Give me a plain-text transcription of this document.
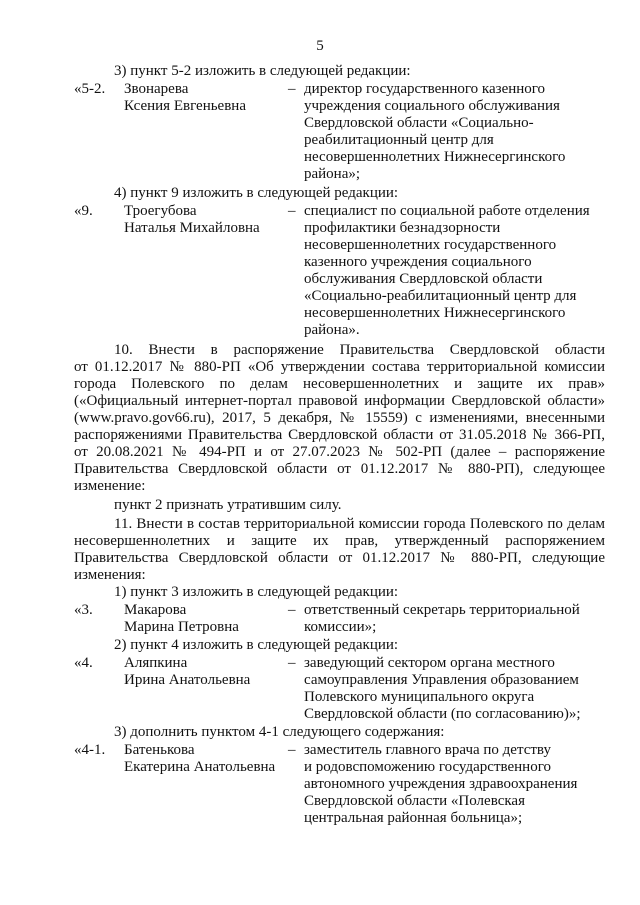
5
3) пункт 5-2 изложить в следующей редакции:
«5-2. Звонарева
Ксения Евгеньевна
– директор государственного казенного
учреждения социального обслуживания
Свердловской области «Социально-
реабилитационный центр для
несовершеннолетних Нижнесергинского
района»;
4) пункт 9 изложить в следующей редакции:
«9. Троегубова
Наталья Михайловна
– специалист по социальной работе отделения
профилактики безнадзорности
несовершеннолетних государственного
казенного учреждения социального
обслуживания Свердловской области
«Социально-реабилитационный центр для
несовершеннолетних Нижнесергинского
района».
10. Внести в распоряжение Правительства Свердловской области
от 01.12.2017 № 880-РП «Об утверждении состава территориальной комиссии
города Полевского по делам несовершеннолетних и защите их прав»
(«Официальный интернет-портал правовой информации Свердловской области»
(www.pravo.gov66.ru), 2017, 5 декабря, № 15559) с изменениями, внесенными
распоряжениями Правительства Свердловской области от 31.05.2018 № 366-РП,
от 20.08.2021 № 494-РП и от 27.07.2023 № 502-РП (далее – распоряжение
Правительства Свердловской области от 01.12.2017 № 880-РП), следующее
изменение:
пункт 2 признать утратившим силу.
11. Внести в состав территориальной комиссии города Полевского по делам
несовершеннолетних и защите их прав, утвержденный распоряжением
Правительства Свердловской области от 01.12.2017 № 880-РП, следующие
изменения:
1) пункт 3 изложить в следующей редакции:
«3. Макарова
Марина Петровна
– ответственный секретарь территориальной
комиссии»;
2) пункт 4 изложить в следующей редакции:
«4. Аляпкина
Ирина Анатольевна
– заведующий сектором органа местного
самоуправления Управления образованием
Полевского муниципального округа
Свердловской области (по согласованию)»;
3) дополнить пунктом 4-1 следующего содержания:
«4-1. Батенькова
Екатерина Анатольевна
– заместитель главного врача по детству
и родовспоможению государственного
автономного учреждения здравоохранения
Свердловской области «Полевская
центральная районная больница»;
